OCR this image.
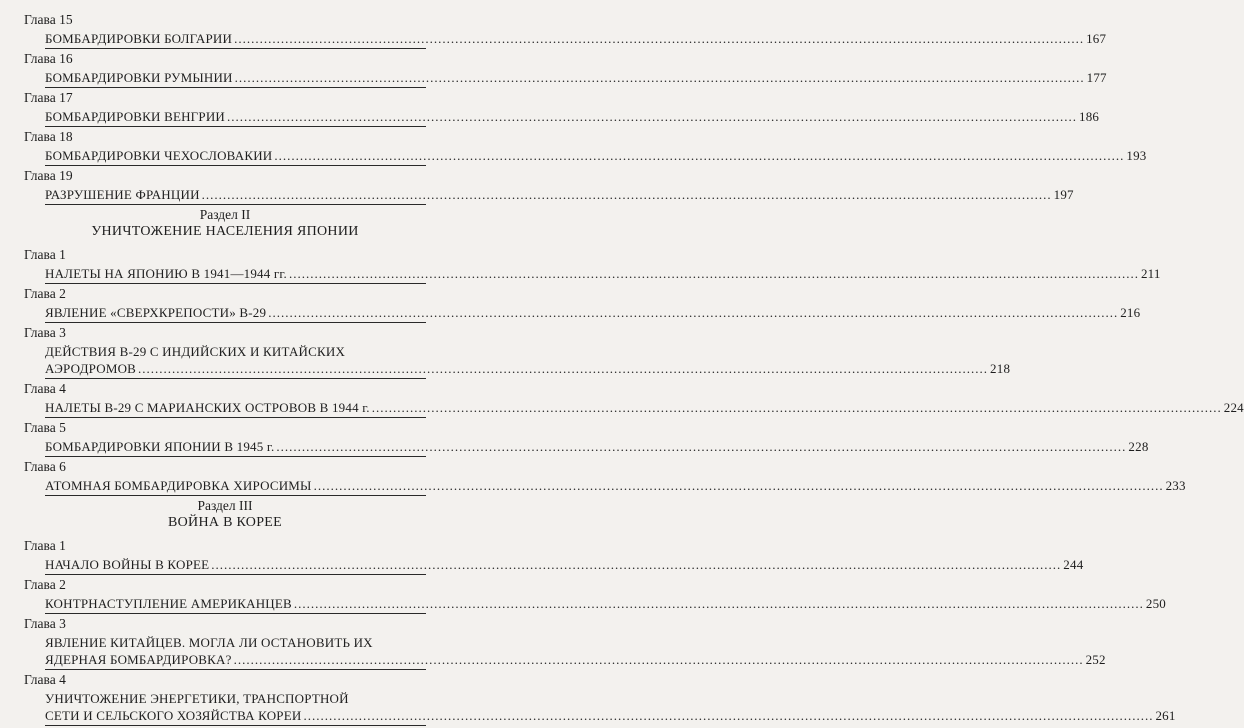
Глава 15
БОМБАРДИРОВКИ БОЛГАРИИ ........................................................................................................................................................................................................ 167
Глава 16
БОМБАРДИРОВКИ РУМЫНИИ ........................................................................................................................................................................................................ 177
Глава 17
БОМБАРДИРОВКИ ВЕНГРИИ ........................................................................................................................................................................................................ 186
Глава 18
БОМБАРДИРОВКИ ЧЕХОСЛОВАКИИ ........................................................................................................................................................................................................ 193
Глава 19
РАЗРУШЕНИЕ ФРАНЦИИ ........................................................................................................................................................................................................ 197
Раздел II
УНИЧТОЖЕНИЕ НАСЕЛЕНИЯ ЯПОНИИ
Глава 1
НАЛЕТЫ НА ЯПОНИЮ В 1941—1944 гг. ........................................................................................................................................................................................................ 211
Глава 2
ЯВЛЕНИЕ «СВЕРХКРЕПОСТИ» В-29 ........................................................................................................................................................................................................ 216
Глава 3
ДЕЙСТВИЯ В-29 С ИНДИЙСКИХ И КИТАЙСКИХ
АЭРОДРОМОВ ........................................................................................................................................................................................................ 218
Глава 4
НАЛЕТЫ В-29 С МАРИАНСКИХ ОСТРОВОВ В 1944 г. ........................................................................................................................................................................................................ 224
Глава 5
БОМБАРДИРОВКИ ЯПОНИИ В 1945 г. ........................................................................................................................................................................................................ 228
Глава 6
АТОМНАЯ БОМБАРДИРОВКА ХИРОСИМЫ ........................................................................................................................................................................................................ 233
Раздел III
ВОЙНА В КОРЕЕ
Глава 1
НАЧАЛО ВОЙНЫ В КОРЕЕ ........................................................................................................................................................................................................ 244
Глава 2
КОНТРНАСТУПЛЕНИЕ АМЕРИКАНЦЕВ ........................................................................................................................................................................................................ 250
Глава 3
ЯВЛЕНИЕ КИТАЙЦЕВ. МОГЛА ЛИ ОСТАНОВИТЬ ИХ
ЯДЕРНАЯ БОМБАРДИРОВКА? ........................................................................................................................................................................................................ 252
Глава 4
УНИЧТОЖЕНИЕ ЭНЕРГЕТИКИ, ТРАНСПОРТНОЙ
СЕТИ И СЕЛЬСКОГО ХОЗЯЙСТВА КОРЕИ ........................................................................................................................................................................................................ 261
